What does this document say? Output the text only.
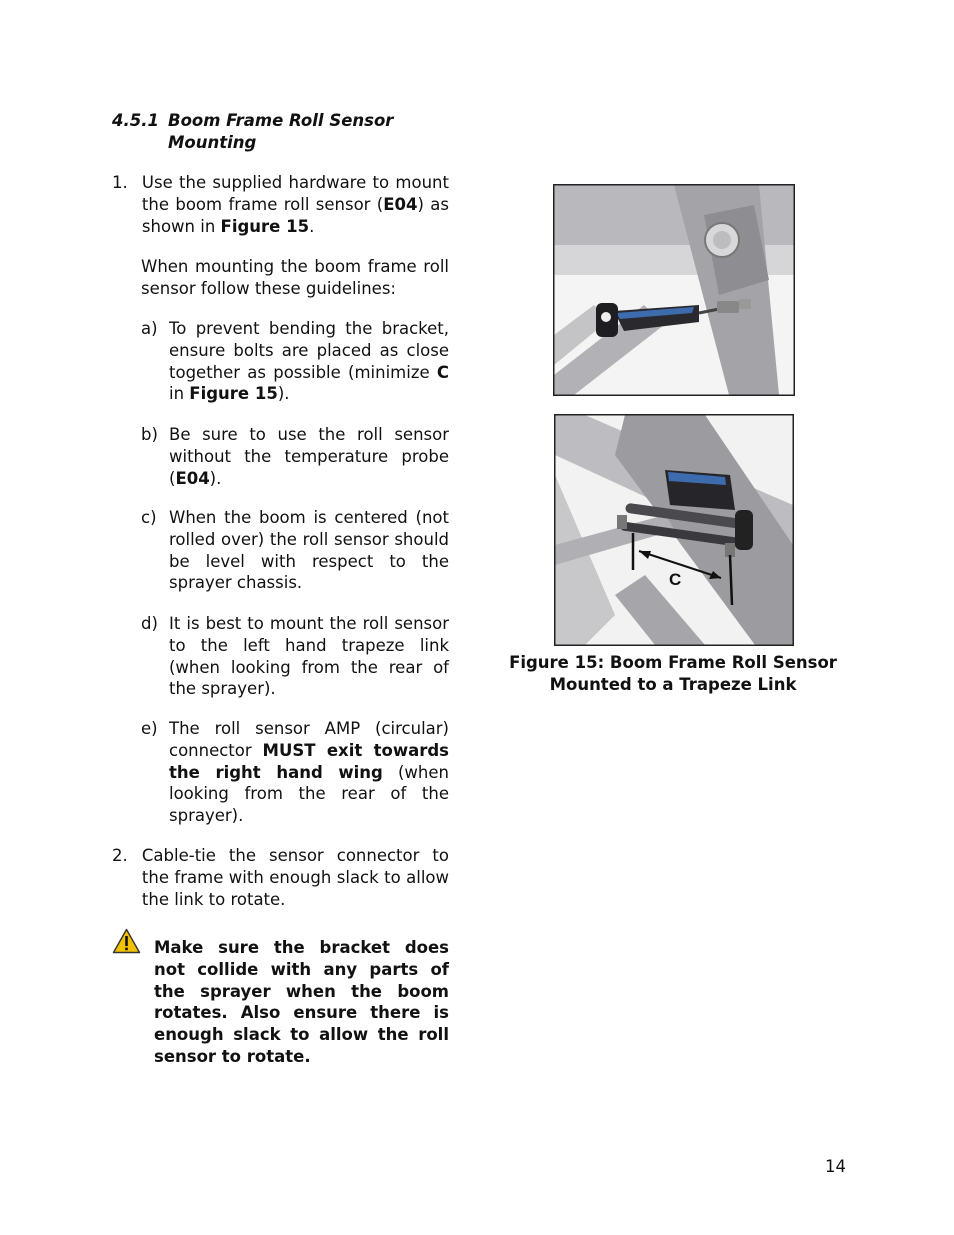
4.5.1 Boom Frame Roll Sensor
Mounting
1. Use the supplied hardware to mount the boom frame roll sensor (E04) as shown in Figure 15.
When mounting the boom frame roll sensor follow these guidelines:
a) To prevent bending the bracket, ensure bolts are placed as close together as possible (minimize C in Figure 15).
b) Be sure to use the roll sensor without the temperature probe (E04).
c) When the boom is centered (not rolled over) the roll sensor should be level with respect to the sprayer chassis.
d) It is best to mount the roll sensor to the left hand trapeze link (when looking from the rear of the sprayer).
e) The roll sensor AMP (circular) connector MUST exit towards the right hand wing (when looking from the rear of the sprayer).
2. Cable-tie the sensor connector to the frame with enough slack to allow the link to rotate.
Make sure the bracket does not collide with any parts of the sprayer when the boom rotates. Also ensure there is enough slack to allow the roll sensor to rotate.
C
Figure 15: Boom Frame Roll Sensor
Mounted to a Trapeze Link
14
